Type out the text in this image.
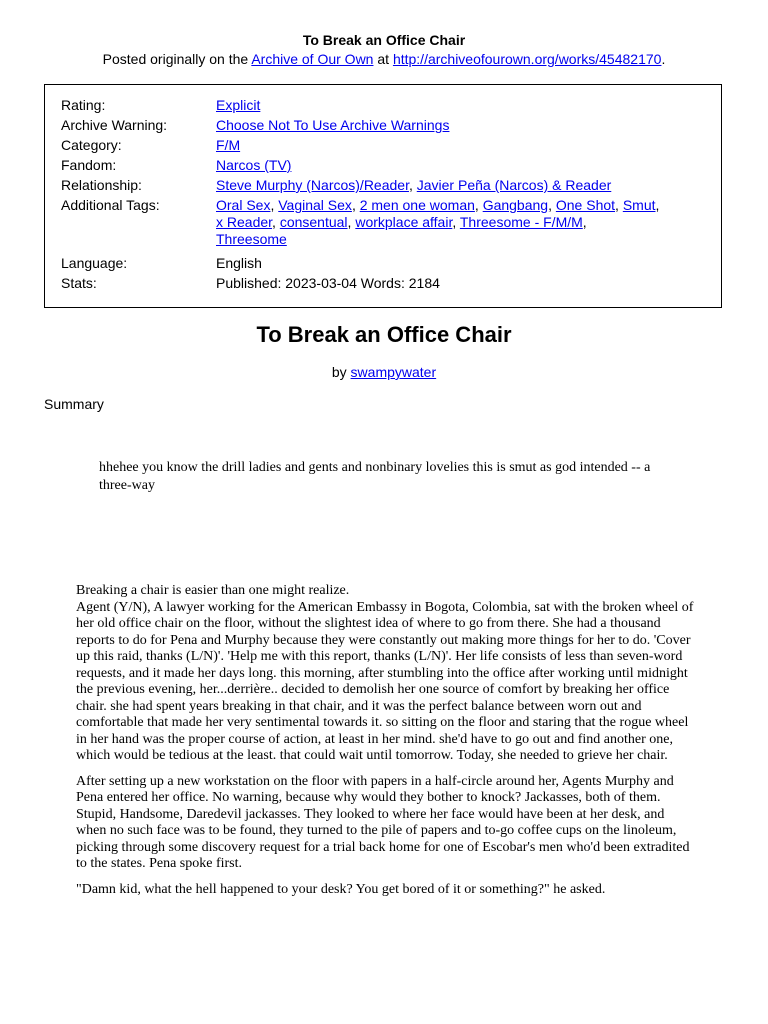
To Break an Office Chair
Posted originally on the Archive of Our Own at http://archiveofourown.org/works/45482170.
Rating:	Explicit
Archive Warning:	Choose Not To Use Archive Warnings
Category:	F/M
Fandom:	Narcos (TV)
Relationship:	Steve Murphy (Narcos)/Reader, Javier Peña (Narcos) & Reader
Additional Tags:	Oral Sex, Vaginal Sex, 2 men one woman, Gangbang, One Shot, Smut,
x Reader, consentual, workplace affair, Threesome - F/M/M,
Threesome
Language:	English
Stats:	Published: 2023-03-04 Words: 2184
To Break an Office Chair
by swampywater
Summary
hhehee you know the drill ladies and gents and nonbinary lovelies this is smut as god intended -- a three-way
Breaking a chair is easier than one might realize.

Agent (Y/N), A lawyer working for the American Embassy in Bogota, Colombia, sat with the broken wheel of her old office chair on the floor, without the slightest idea of where to go from there. She had a thousand reports to do for Pena and Murphy because they were constantly out making more things for her to do. 'Cover up this raid, thanks (L/N)'. 'Help me with this report, thanks (L/N)'. Her life consists of less than seven-word requests, and it made her days long. this morning, after stumbling into the office after working until midnight the previous evening, her...derrière.. decided to demolish her one source of comfort by breaking her office chair. she had spent years breaking in that chair, and it was the perfect balance between worn out and comfortable that made her very sentimental towards it. so sitting on the floor and staring that the rogue wheel in her hand was the proper course of action, at least in her mind. she'd have to go out and find another one, which would be tedious at the least. that could wait until tomorrow. Today, she needed to grieve her chair.

After setting up a new workstation on the floor with papers in a half-circle around her, Agents Murphy and Pena entered her office. No warning, because why would they bother to knock? Jackasses, both of them. Stupid, Handsome, Daredevil jackasses. They looked to where her face would have been at her desk, and when no such face was to be found, they turned to the pile of papers and to-go coffee cups on the linoleum, picking through some discovery request for a trial back home for one of Escobar's men who'd been extradited to the states. Pena spoke first.

"Damn kid, what the hell happened to your desk? You get bored of it or something?" he asked.
